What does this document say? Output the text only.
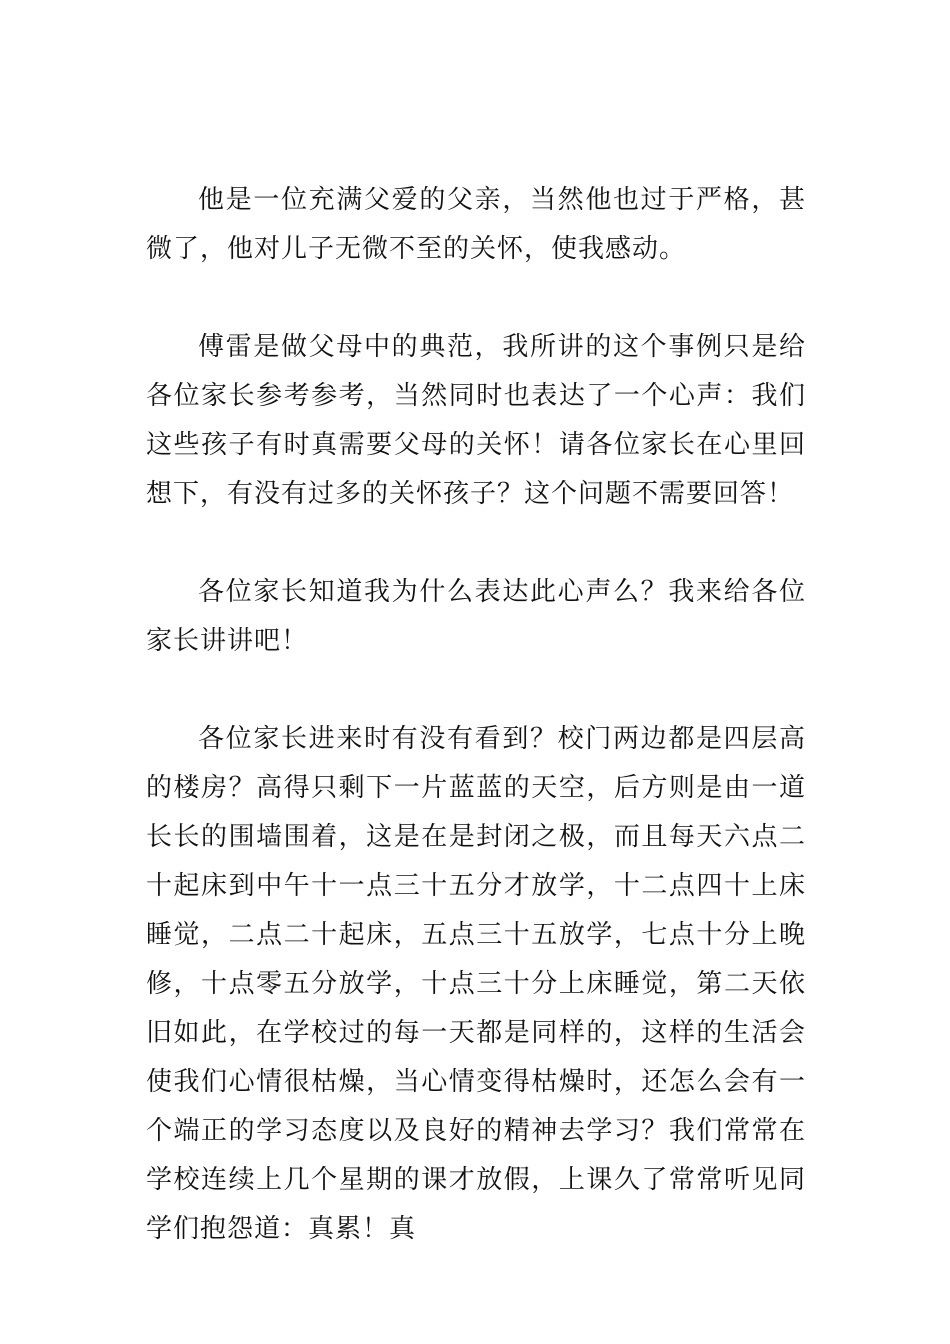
他是一位充满父爱的父亲，当然他也过于严格，甚微了，他对儿子无微不至的关怀，使我感动。

傅雷是做父母中的典范，我所讲的这个事例只是给各位家长参考参考，当然同时也表达了一个心声：我们这些孩子有时真需要父母的关怀！请各位家长在心里回想下，有没有过多的关怀孩子？这个问题不需要回答！

各位家长知道我为什么表达此心声么？我来给各位家长讲讲吧！

各位家长进来时有没有看到？校门两边都是四层高的楼房？高得只剩下一片蓝蓝的天空，后方则是由一道长长的围墙围着，这是在是封闭之极，而且每天六点二十起床到中午十一点三十五分才放学，十二点四十上床睡觉，二点二十起床，五点三十五放学，七点十分上晚修，十点零五分放学，十点三十分上床睡觉，第二天依旧如此，在学校过的每一天都是同样的，这样的生活会使我们心情很枯燥，当心情变得枯燥时，还怎么会有一个端正的学习态度以及良好的精神去学习？我们常常在学校连续上几个星期的课才放假，上课久了常常听见同学们抱怨道：真累！真
